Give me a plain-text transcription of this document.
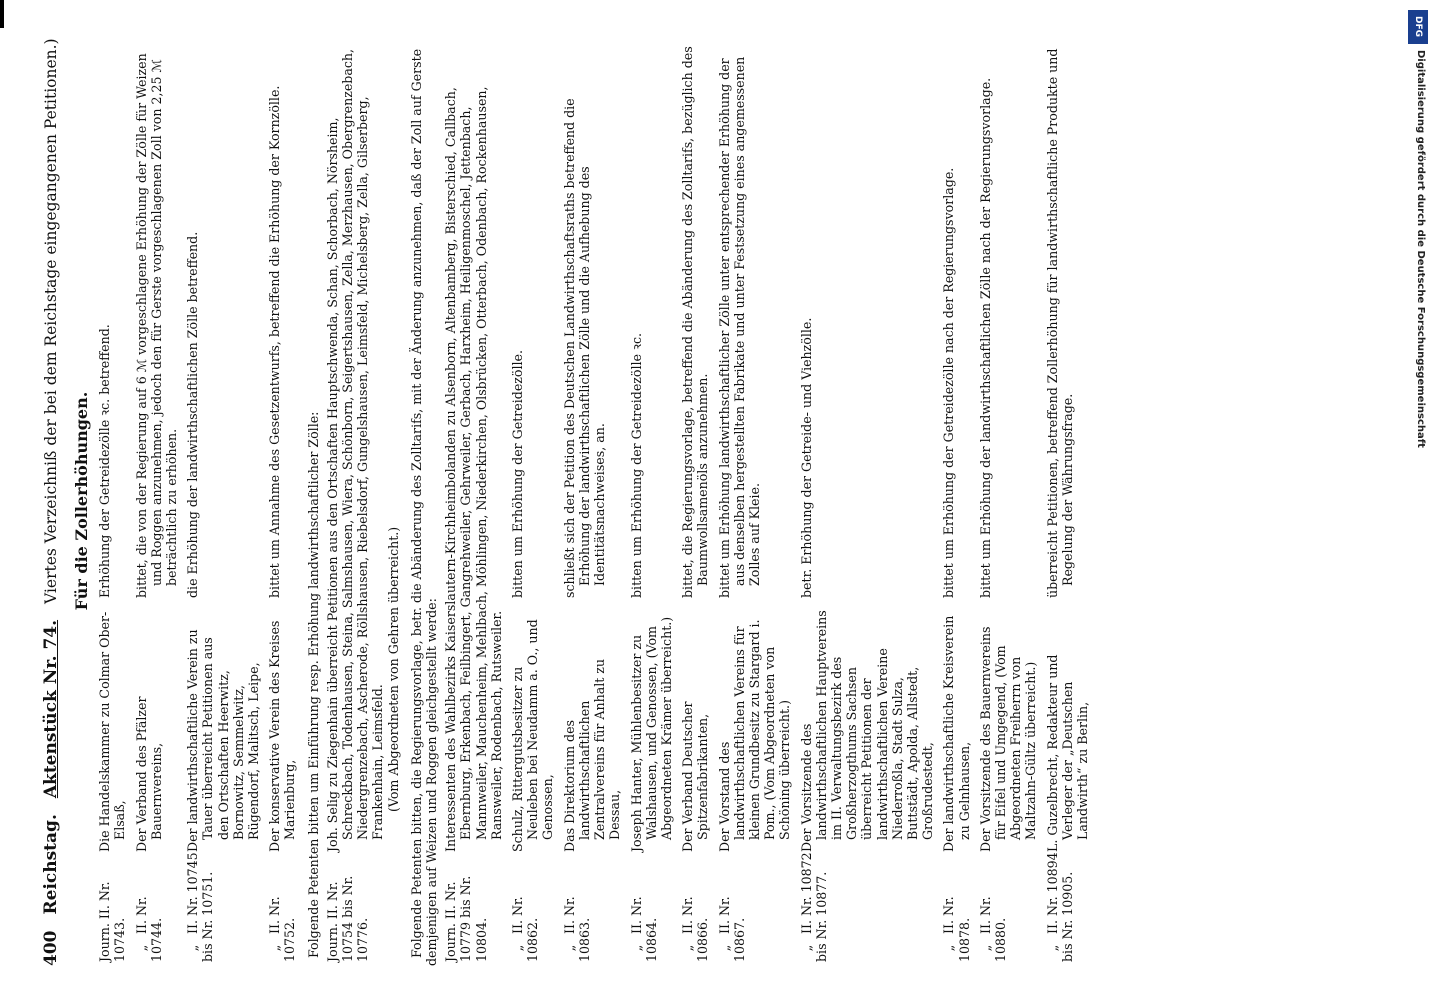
400
Reichstag.
Aktenstück Nr. 74.
Viertes Verzeichniß der bei dem Reichstage eingegangenen Petitionen.) Für die Zollerhöhungen.
Journ. II. Nr. 10743.
Die Handelskammer zu Colmar Ober-Elsaß,
Erhöhung der Getreidezölle ꝛc. betreffend.
„II. Nr. 10744.
Der Verband des Pfälzer Bauernvereins,
bittet, die von der Regierung auf 6 ℳ vorgeschlagene Erhöhung der Zölle für Weizen und Roggen anzunehmen, jedoch den für Gerste vorgeschlagenen Zoll von 2,25 ℳ beträchtlich zu erhöhen.
„II. Nr. 10745 bis Nr. 10751.
Der landwirthschaftliche Verein zu Tauer überreicht Petitionen aus den Ortschaften Heerwitz, Bornowitz, Semmelwitz, Rügendorf, Malitsch, Leipe,
die Erhöhung der landwirthschaftlichen Zölle betreffend.
„II. Nr. 10752.
Der konservative Verein des Kreises Marienburg,
bittet um Annahme des Gesetzentwurfs, betreffend die Erhöhung der Kornzölle.
Folgende Petenten bitten um Einführung resp. Erhöhung landwirthschaftlicher Zölle: Journ. II. Nr. 10754 bis Nr. 10776.
Joh. Selig zu Ziegenhain überreicht Petitionen aus den Ortschaften Hauptschwenda, Schan, Schorbach, Nörsheim, Schreckbach, Todenhausen, Steina, Salmshausen, Wiera, Schönborn, Seigertshausen, Zella, Merzhausen, Obergrenzebach, Niedergrenzebach, Ascherode, Röllshausen, Riebelsdorf, Gungelshausen, Leimsfeld, Michelsberg, Zella, Gilserberg, Frankenhain, Leimsfeld. (Vom Abgeordneten von Gehren überreicht.) Folgende Petenten bitten, die Regierungsvorlage, betr. die Abänderung des Zolltarifs, mit der Änderung anzunehmen, daß der Zoll auf Gerste demjenigen auf Weizen und Roggen gleichgestellt werde: Journ. II. Nr. 10779 bis Nr. 10804.
Interessenten des Wahlbezirks Kaiserslautern-Kirchheimbolanden zu Alsenborn, Altenbamberg, Bisterschied, Callbach, Ebernburg, Erkenbach, Feilbingert, Gangrehweiler, Gehrweiler, Gerbach, Harxheim, Heiligenmoschel, Jettenbach, Mannweiler, Mauchenheim, Mehlbach, Möhlingen, Niederkirchen, Olsbrücken, Otterbach, Odenbach, Rockenhausen, Ransweiler, Rodenbach, Rutsweiler.
„II. Nr. 10862.
Schulz, Rittergutsbesitzer zu Neuleben bei Neudamm a. O., und Genossen,
bitten um Erhöhung der Getreidezölle.
„II. Nr. 10863.
Das Direktorium des landwirthschaftlichen Zentralvereins für Anhalt zu Dessau,
schließt sich der Petition des Deutschen Landwirthschaftsraths betreffend die Erhöhung der landwirthschaftlichen Zölle und die Aufhebung des Identitätsnachweises, an.
„II. Nr. 10864.
Joseph Hanter, Mühlenbesitzer zu Walshausen, und Genossen, (Vom Abgeordneten Krämer überreicht.)
bitten um Erhöhung der Getreidezölle ꝛc.
„II. Nr. 10866.
Der Verband Deutscher Spitzenfabrikanten,
bittet, die Regierungsvorlage, betreffend die Abänderung des Zolltarifs, bezüglich des Baumwollsamenöls anzunehmen.
„II. Nr. 10867.
Der Vorstand des landwirthschaftlichen Vereins für kleinen Grundbesitz zu Stargard i. Pom., (Vom Abgeordneten von Schöning überreicht.)
bittet um Erhöhung landwirthschaftlicher Zölle unter entsprechender Erhöhung der aus denselben hergestellten Fabrikate und unter Festsetzung eines angemessenen Zolles auf Kleie.
„II. Nr. 10872 bis Nr. 10877.
Der Vorsitzende des landwirthschaftlichen Hauptvereins im II. Verwaltungsbezirk des Großherzogthums Sachsen überreicht Petitionen der landwirthschaftlichen Vereine Niederroßla, Stadt Sulza, Buttstädt, Apolda, Allstedt, Großrudestedt,
betr. Erhöhung der Getreide- und Viehzölle.
„II. Nr. 10878.
Der landwirthschaftliche Kreisverein zu Gelnhausen,
bittet um Erhöhung der Getreidezölle nach der Regierungsvorlage.
„II. Nr. 10880.
Der Vorsitzende des Bauernvereins für Eifel und Umgegend, (Vom Abgeordneten Freiherrn von Maltzahn-Gültz überreicht.)
bittet um Erhöhung der landwirthschaftlichen Zölle nach der Regierungsvorlage.
„II. Nr. 10894 bis Nr. 10905.
L. Guzelbrecht, Redakteur und Verleger der „Deutschen Landwirth“ zu Berlin,
überreicht Petitionen, betreffend Zollerhöhung für landwirthschaftliche Produkte und Regelung der Währungsfrage.
DFG
Digitalisierung gefördert durch die Deutsche Forschungsgemeinschaft
